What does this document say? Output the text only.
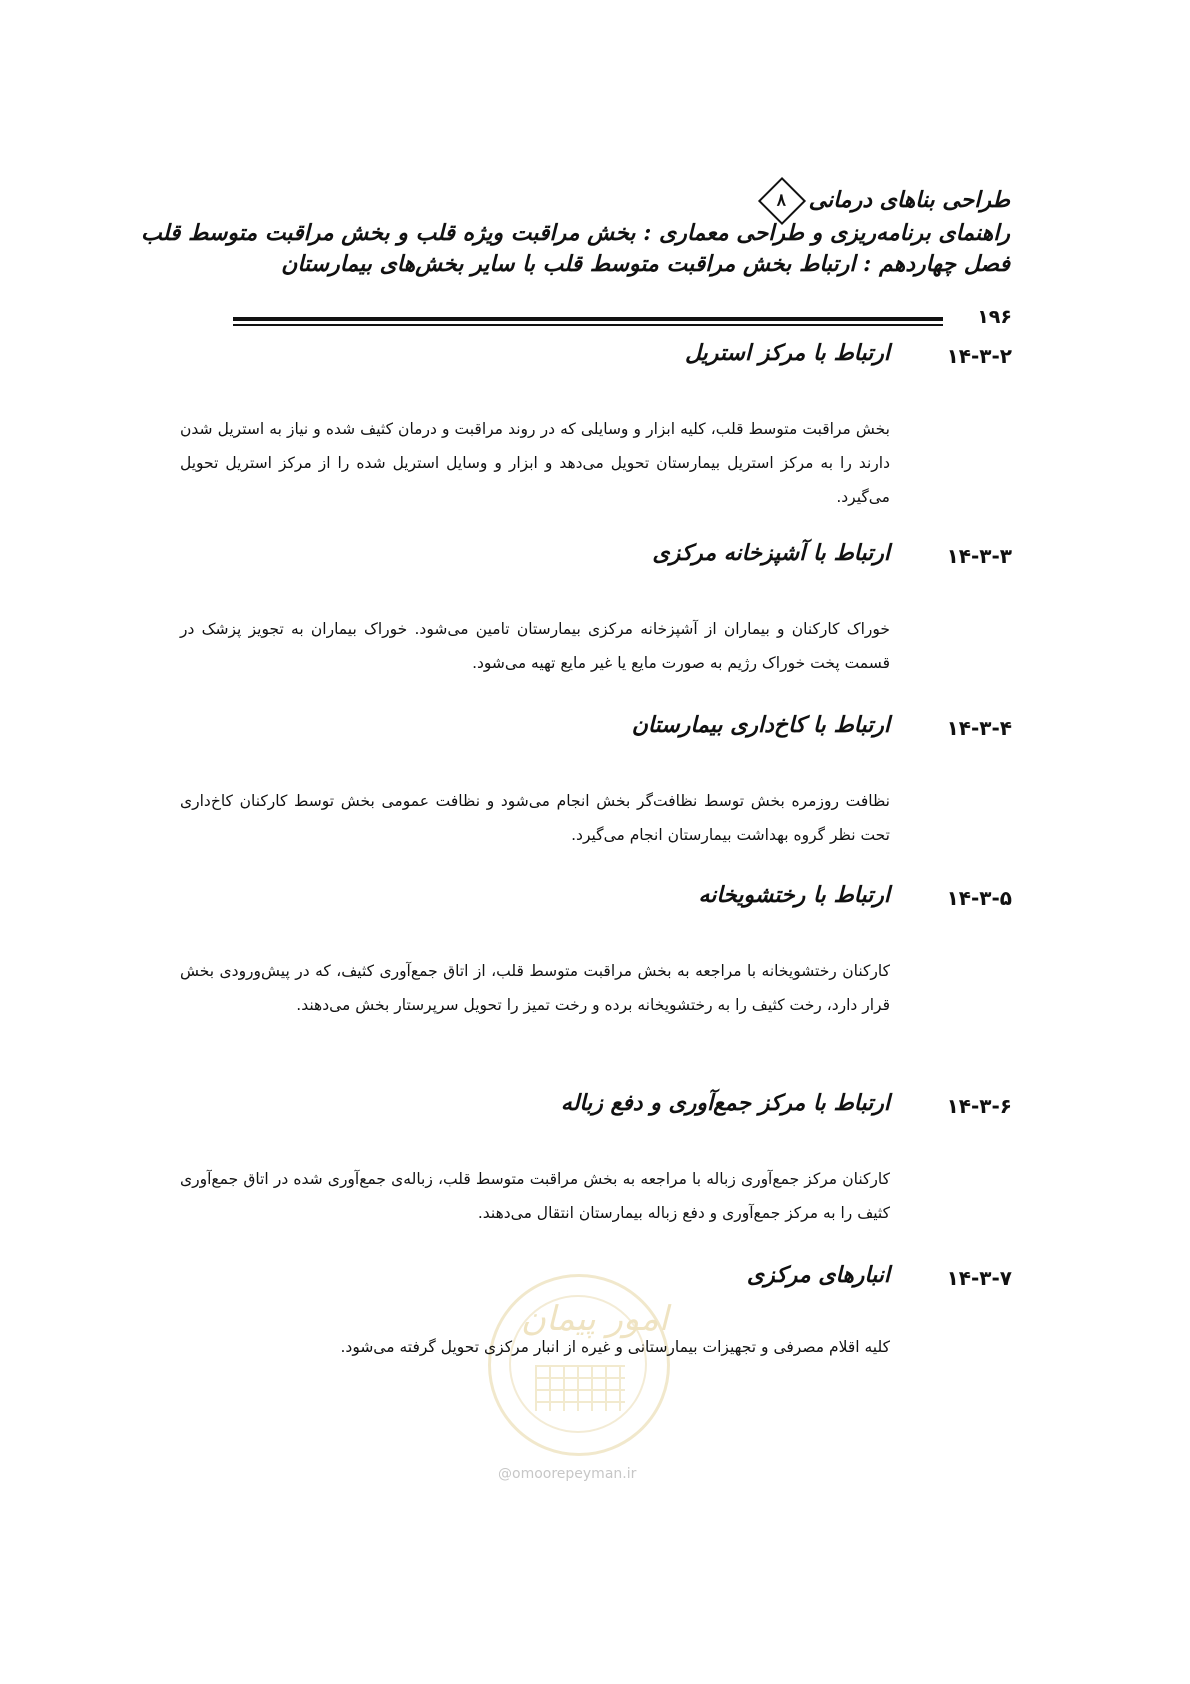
طراحی بناهای درمانی
۸
راهنمای برنامه‌ریزی و طراحی معماری : بخش مراقبت ویژه قلب و بخش مراقبت متوسط قلب
فصل چهاردهم : ارتباط بخش مراقبت متوسط قلب با سایر بخش‌های بیمارستان
۱۹۶
۱۴-۳-۲
ارتباط با مرکز استریل
بخش مراقبت متوسط قلب، کلیه ابزار و وسایلی که در روند مراقبت و درمان کثیف شده و نیاز به استریل شدن دارند را به مرکز استریل بیمارستان تحویل می‌دهد و ابزار و وسایل استریل شده را از مرکز استریل تحویل می‌گیرد.
۱۴-۳-۳
ارتباط با آشپزخانه مرکزی
خوراک کارکنان و بیماران از آشپزخانه مرکزی بیمارستان تامین می‌شود. خوراک بیماران به تجویز پزشک در قسمت پخت خوراک رژیم به صورت مایع یا غیر مایع تهیه می‌شود.
۱۴-۳-۴
ارتباط با کاخ‌داری بیمارستان
نظافت روزمره بخش توسط نظافت‌گر بخش انجام می‌شود و نظافت عمومی بخش توسط کارکنان کاخ‌داری تحت نظر گروه بهداشت بیمارستان انجام می‌گیرد.
۱۴-۳-۵
ارتباط با رختشویخانه
کارکنان رختشویخانه با مراجعه به بخش مراقبت متوسط قلب، از اتاق جمع‌آوری کثیف، که در پیش‌ورودی بخش قرار دارد، رخت کثیف را به رختشویخانه برده و رخت تمیز را تحویل سرپرستار بخش می‌دهند.
۱۴-۳-۶
ارتباط با مرکز جمع‌آوری و دفع زباله
کارکنان مرکز جمع‌آوری زباله با مراجعه به بخش مراقبت متوسط قلب، زباله‌ی جمع‌آوری شده در اتاق جمع‌آوری کثیف را به مرکز جمع‌آوری و دفع زباله بیمارستان انتقال می‌دهند.
امور پیمان
@omoorepeyman.ir
۱۴-۳-۷
انبارهای مرکزی
کلیه اقلام مصرفی و تجهیزات بیمارستانی و غیره از انبار مرکزی تحویل گرفته می‌شود.
